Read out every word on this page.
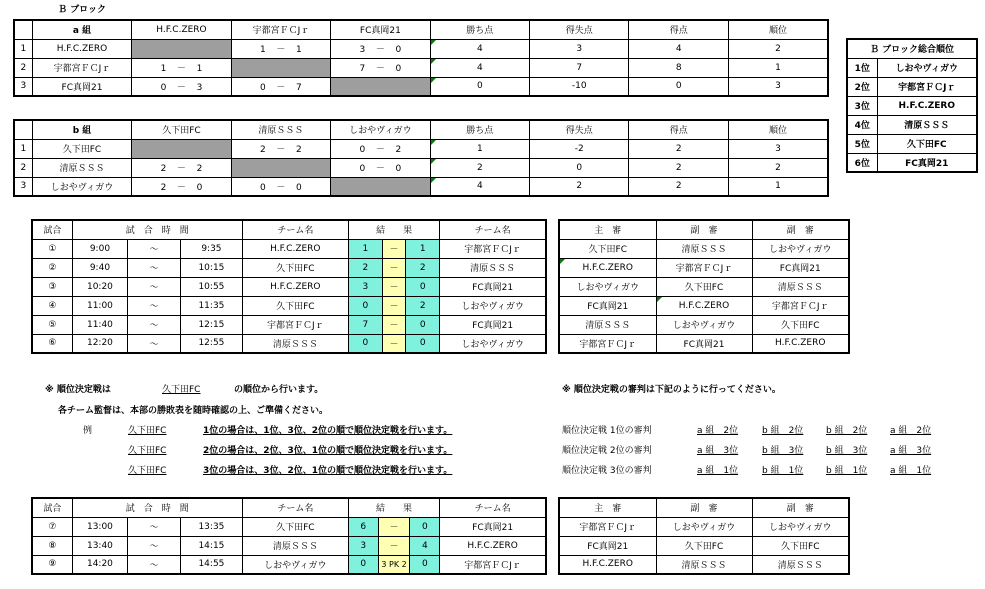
Ｂ ブロック
	a 組	H.F.C.ZERO	宇都宮ＦＣJｒ	FC真岡21	勝ち点	得失点	得点	順位
1	H.F.C.ZERO		1 － 1	3 － 0	4	3	4	2
2	宇都宮ＦＣJｒ	1 － 1		7 － 0	4	7	8	1
3	FC真岡21	0 － 3	0 － 7		0	-10	0	3
	b 組	久下田FC	清原ＳＳＳ	しおやヴィガウ	勝ち点	得失点	得点	順位
1	久下田FC		2 － 2	0 － 2	1	-2	2	3
2	清原ＳＳＳ	2 － 2		0 － 0	2	0	2	2
3	しおやヴィガウ	2 － 0	0 － 0		4	2	2	1
Ｂ ブロック総合順位	
1位	しおやヴィガウ
2位	宇都宮ＦＣJｒ
3位	H.F.C.ZERO
4位	清原ＳＳＳ
5位	久下田FC
6位	FC真岡21
試合	試　合　時　間			チーム名	結　　果			チーム名
①	9:00	～	9:35	H.F.C.ZERO	1	－	1	宇都宮ＦＣJｒ
②	9:40	～	10:15	久下田FC	2	－	2	清原ＳＳＳ
③	10:20	～	10:55	H.F.C.ZERO	3	－	0	FC真岡21
④	11:00	～	11:35	久下田FC	0	－	2	しおやヴィガウ
⑤	11:40	～	12:15	宇都宮ＦＣJｒ	7	－	0	FC真岡21
⑥	12:20	～	12:55	清原ＳＳＳ	0	－	0	しおやヴィガウ
主　審	副　審	副　審
久下田FC	清原ＳＳＳ	しおやヴィガウ
H.F.C.ZERO	宇都宮ＦＣJｒ	FC真岡21
しおやヴィガウ	久下田FC	清原ＳＳＳ
FC真岡21	H.F.C.ZERO	宇都宮ＦＣJｒ
清原ＳＳＳ	しおやヴィガウ	久下田FC
宇都宮ＦＣJｒ	FC真岡21	H.F.C.ZERO
※ 順位決定戦は	久下田FC	の順位から行います。
各チーム監督は、本部の勝敗表を随時確認の上、ご準備ください。
例	久下田FC	1位の場合は、1位、3位、2位の順で順位決定戦を行います。
久下田FC	2位の場合は、2位、3位、1位の順で順位決定戦を行います。
久下田FC	3位の場合は、3位、2位、1位の順で順位決定戦を行います。
※ 順位決定戦の審判は下記のように行ってください。
順位決定戦 1位の審判	a 組　2位	b 組　2位	b 組　2位	a 組　2位
順位決定戦 2位の審判	a 組　3位	b 組　3位	b 組　3位	a 組　3位
順位決定戦 3位の審判	a 組　1位	b 組　1位	b 組　1位	a 組　1位
試合	試　合　時　間			チーム名	結　　果			チーム名
⑦	13:00	～	13:35	久下田FC	6	－	0	FC真岡21
⑧	13:40	～	14:15	清原ＳＳＳ	3	－	4	H.F.C.ZERO
⑨	14:20	～	14:55	しおやヴィガウ	0	3 PK 2	0	宇都宮ＦＣJｒ
主　審	副　審	副　審
宇都宮ＦＣJｒ	しおやヴィガウ	しおやヴィガウ
FC真岡21	久下田FC	久下田FC
H.F.C.ZERO	清原ＳＳＳ	清原ＳＳＳ
